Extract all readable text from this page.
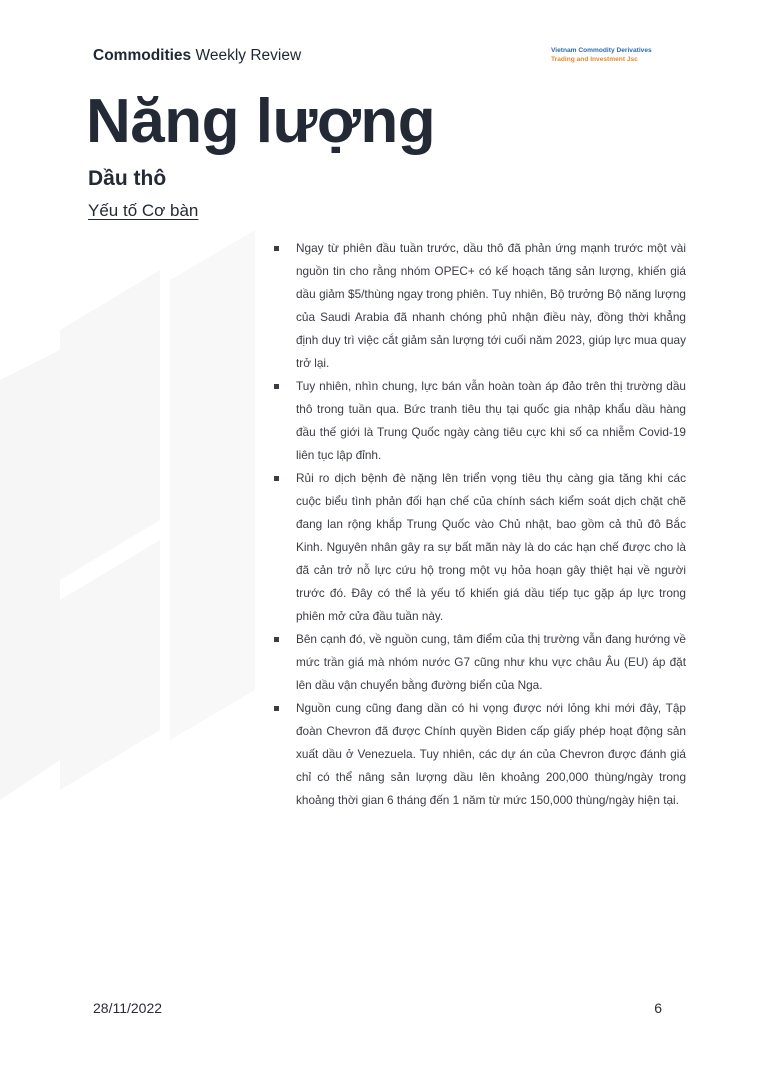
Commodities Weekly Review	Vietnam Commodity Derivatives
Trading and Investment Jsc
Năng lượng
Dầu thô
Yếu tố Cơ bàn
Ngay từ phiên đầu tuần trước, dầu thô đã phản ứng mạnh trước một vài nguồn tin cho rằng nhóm OPEC+ có kế hoạch tăng sản lượng, khiến giá dầu giảm $5/thùng ngay trong phiên. Tuy nhiên, Bộ trưởng Bộ năng lượng của Saudi Arabia đã nhanh chóng phủ nhận điều này, đồng thời khẳng định duy trì việc cắt giảm sản lượng tới cuối năm 2023, giúp lực mua quay trở lại.
Tuy nhiên, nhìn chung, lực bán vẫn hoàn toàn áp đảo trên thị trường dầu thô trong tuần qua. Bức tranh tiêu thụ tại quốc gia nhập khẩu dầu hàng đầu thế giới là Trung Quốc ngày càng tiêu cực khi số ca nhiễm Covid-19 liên tục lập đỉnh.
Rủi ro dịch bệnh đè nặng lên triển vọng tiêu thụ càng gia tăng khi các cuộc biểu tình phản đối hạn chế của chính sách kiểm soát dịch chặt chẽ đang lan rộng khắp Trung Quốc vào Chủ nhật, bao gồm cả thủ đô Bắc Kinh. Nguyên nhân gây ra sự bất mãn này là do các hạn chế được cho là đã cản trở nỗ lực cứu hộ trong một vụ hỏa hoạn gây thiệt hại về người trước đó. Đây có thể là yếu tố khiến giá dầu tiếp tục gặp áp lực trong phiên mở cửa đầu tuần này.
Bên cạnh đó, về nguồn cung, tâm điểm của thị trường vẫn đang hướng về mức trần giá mà nhóm nước G7 cũng như khu vực châu Âu (EU) áp đặt lên dầu vận chuyển bằng đường biển của Nga.
Nguồn cung cũng đang dần có hi vọng được nới lỏng khi mới đây, Tập đoàn Chevron đã được Chính quyền Biden cấp giấy phép hoạt động sản xuất dầu ở Venezuela. Tuy nhiên, các dự án của Chevron được đánh giá chỉ có thể nâng sản lượng dầu lên khoảng 200,000 thùng/ngày trong khoảng thời gian 6 tháng đến 1 năm từ mức 150,000 thùng/ngày hiện tại.
28/11/2022	6
